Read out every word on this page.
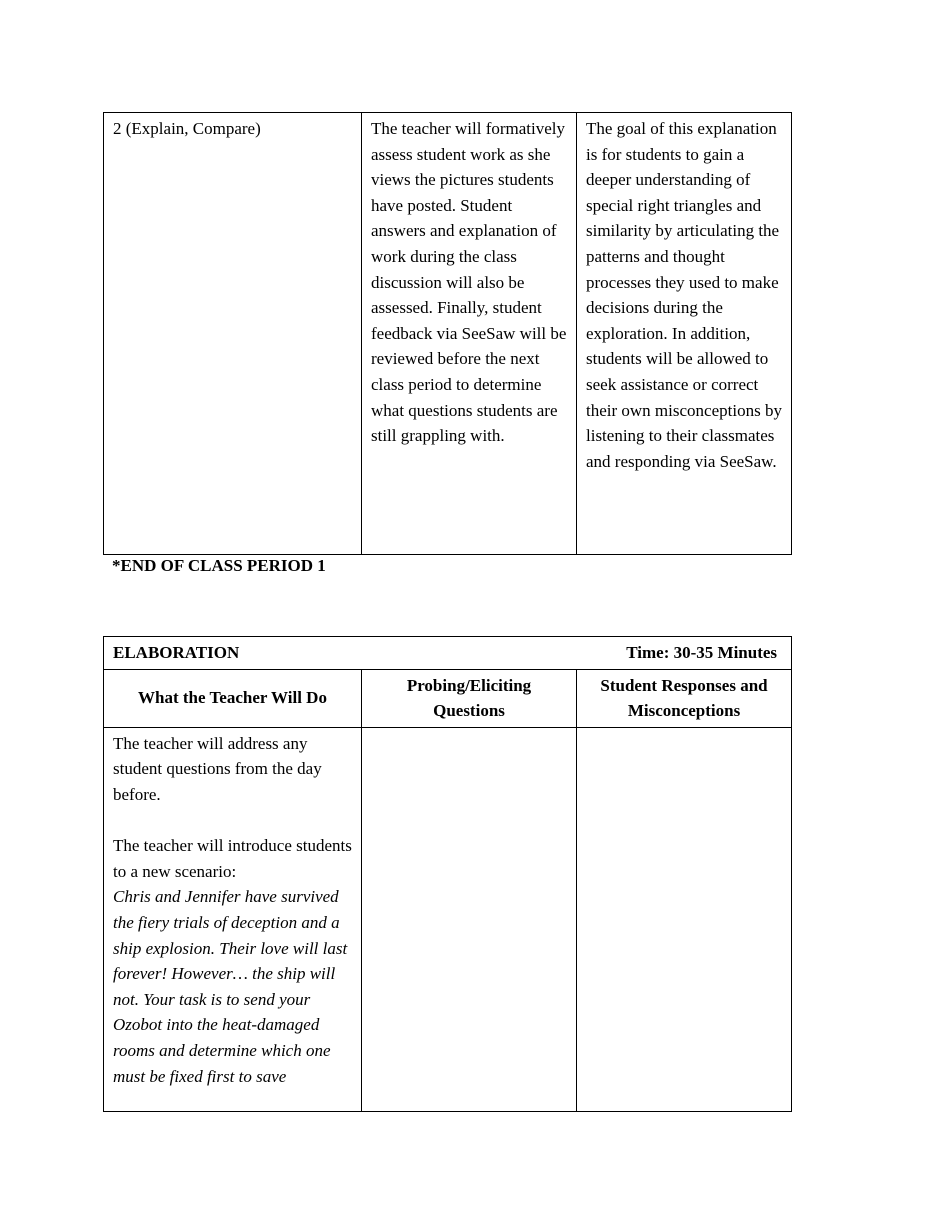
2 (Explain, Compare)	The teacher will formatively assess student work as she views the pictures students have posted. Student answers and explanation of work during the class discussion will also be assessed. Finally, student feedback via SeeSaw will be reviewed before the next class period to determine what questions students are still grappling with.	The goal of this explanation is for students to gain a deeper understanding of special right triangles and similarity by articulating the patterns and thought processes they used to make decisions during the exploration. In addition, students will be allowed to seek assistance or correct their own misconceptions by listening to their classmates and responding via SeeSaw.
*END OF CLASS PERIOD 1
ELABORATION Time: 30-35 Minutes		

What the Teacher Will Do	Probing/Eliciting Questions	Student Responses and Misconceptions

The teacher will address any student questions from the day before.
The teacher will introduce students to a new scenario:
Chris and Jennifer have survived the fiery trials of deception and a ship explosion. Their love will last forever! However… the ship will not. Your task is to send your Ozobot into the heat-damaged rooms and determine which one must be fixed first to save		
